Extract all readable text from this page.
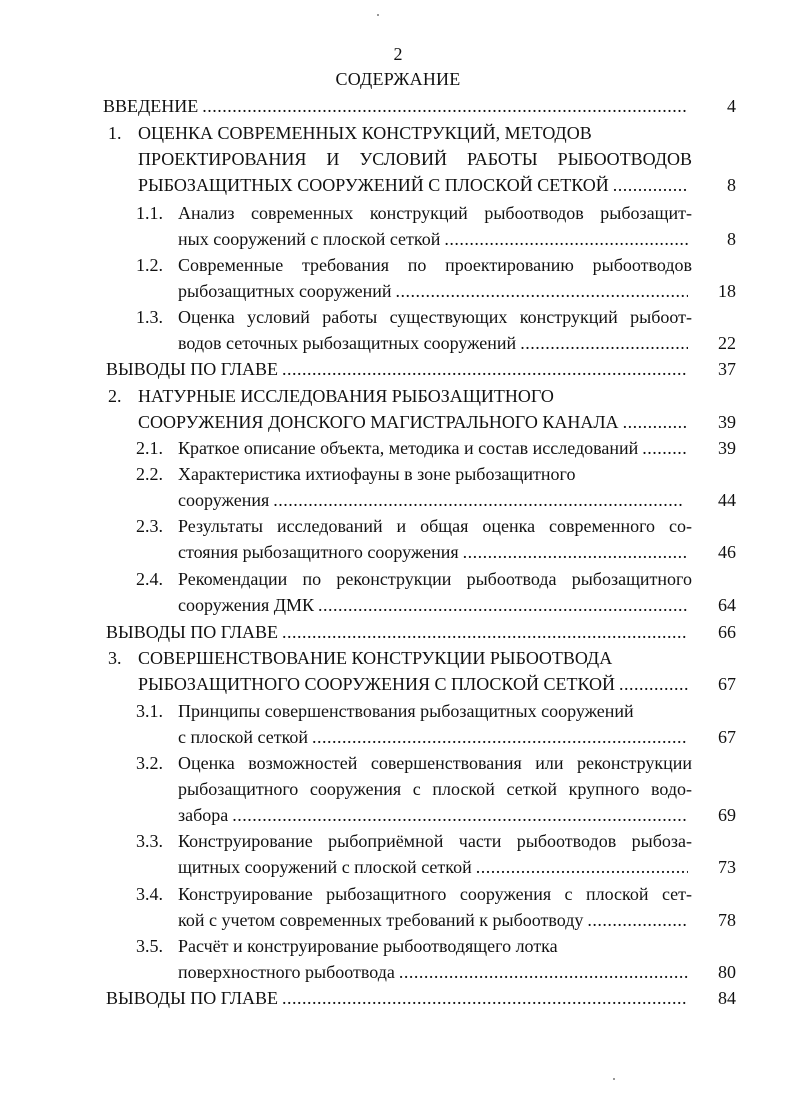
2
СОДЕРЖАНИЕ
ВВЕДЕНИЕ .....	4
1. ОЦЕНКА СОВРЕМЕННЫХ КОНСТРУКЦИЙ, МЕТОДОВ
ПРОЕКТИРОВАНИЯ И УСЛОВИЙ РАБОТЫ РЫБООТВОДОВ
РЫБОЗАЩИТНЫХ СООРУЖЕНИЙ С ПЛОСКОЙ СЕТКОЙ .....	8
1.1. Анализ современных конструкций рыбоотводов рыбозащит-
ных сооружений с плоской сеткой .....	8
1.2. Современные требования по проектированию рыбоотводов
рыбозащитных сооружений .....	18
1.3. Оценка условий работы существующих конструкций рыбоот-
водов сеточных рыбозащитных сооружений .....	22
ВЫВОДЫ ПО ГЛАВЕ .....	37
2. НАТУРНЫЕ ИССЛЕДОВАНИЯ РЫБОЗАЩИТНОГО
СООРУЖЕНИЯ ДОНСКОГО МАГИСТРАЛЬНОГО КАНАЛА .....	39
2.1. Краткое описание объекта, методика и состав исследований .....	39
2.2. Характеристика ихтиофауны в зоне рыбозащитного
сооружения .....	44
2.3. Результаты исследований и общая оценка современного со-
стояния рыбозащитного сооружения .....	46
2.4. Рекомендации по реконструкции рыбоотвода рыбозащитного
сооружения ДМК .....	64
ВЫВОДЫ ПО ГЛАВЕ .....	66
3. СОВЕРШЕНСТВОВАНИЕ КОНСТРУКЦИИ РЫБООТВОДА
РЫБОЗАЩИТНОГО СООРУЖЕНИЯ С ПЛОСКОЙ СЕТКОЙ .....	67
3.1. Принципы совершенствования рыбозащитных сооружений
с плоской сеткой .....	67
3.2. Оценка возможностей совершенствования или реконструкции
рыбозащитного сооружения с плоской сеткой крупного водо-
забора .....	69
3.3. Конструирование рыбоприёмной части рыбоотводов рыбоза-
щитных сооружений с плоской сеткой .....	73
3.4. Конструирование рыбозащитного сооружения с плоской сет-
кой с учетом современных требований к рыбоотводу .....	78
3.5. Расчёт и конструирование рыбоотводящего лотка
поверхностного рыбоотвода .....	80
ВЫВОДЫ ПО ГЛАВЕ .....	84
